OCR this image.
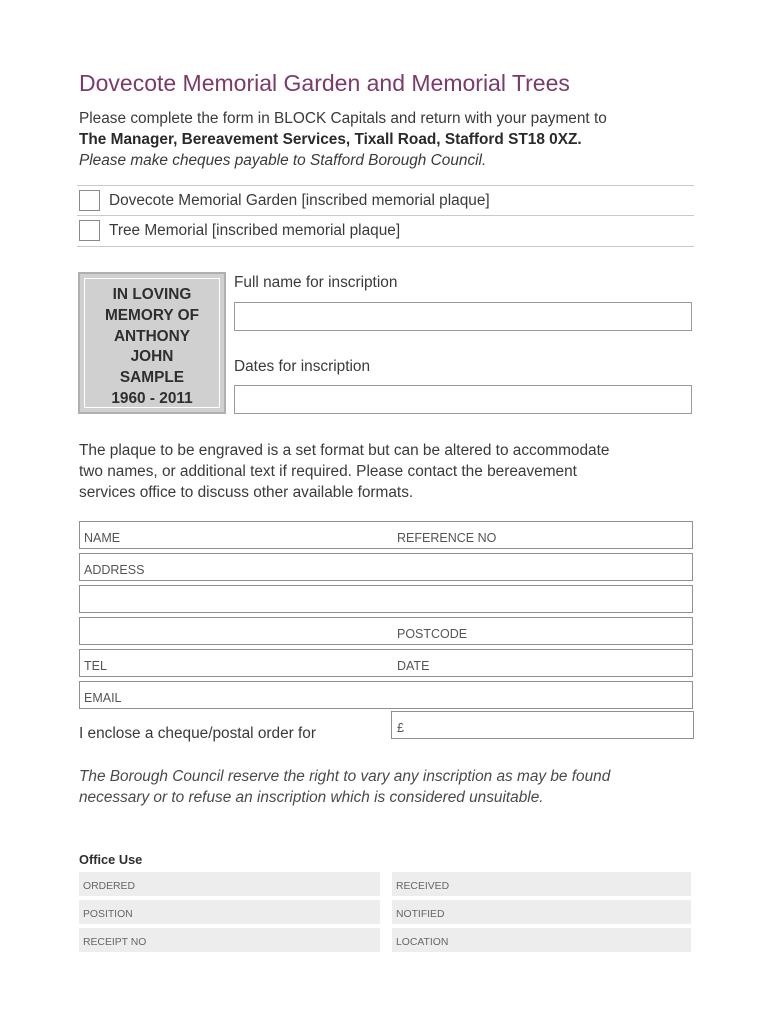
Dovecote Memorial Garden and Memorial Trees
Please complete the form in BLOCK Capitals and return with your payment to
The Manager, Bereavement Services, Tixall Road, Stafford ST18 0XZ.
Please make cheques payable to Stafford Borough Council.
Dovecote Memorial Garden [inscribed memorial plaque]
Tree Memorial [inscribed memorial plaque]
IN LOVING
MEMORY OF
ANTHONY
JOHN
SAMPLE
1960 - 2011
Full name for inscription
Dates for inscription
The plaque to be engraved is a set format but can be altered to accommodate
two names, or additional text if required. Please contact the bereavement
services office to discuss other available formats.
NAME	REFERENCE NO
ADDRESS
POSTCODE
TEL	DATE
EMAIL
I enclose a cheque/postal order for	£
The Borough Council reserve the right to vary any inscription as may be found
necessary or to refuse an inscription which is considered unsuitable.
Office Use
ORDERED	RECEIVED
POSITION	NOTIFIED
RECEIPT NO	LOCATION
